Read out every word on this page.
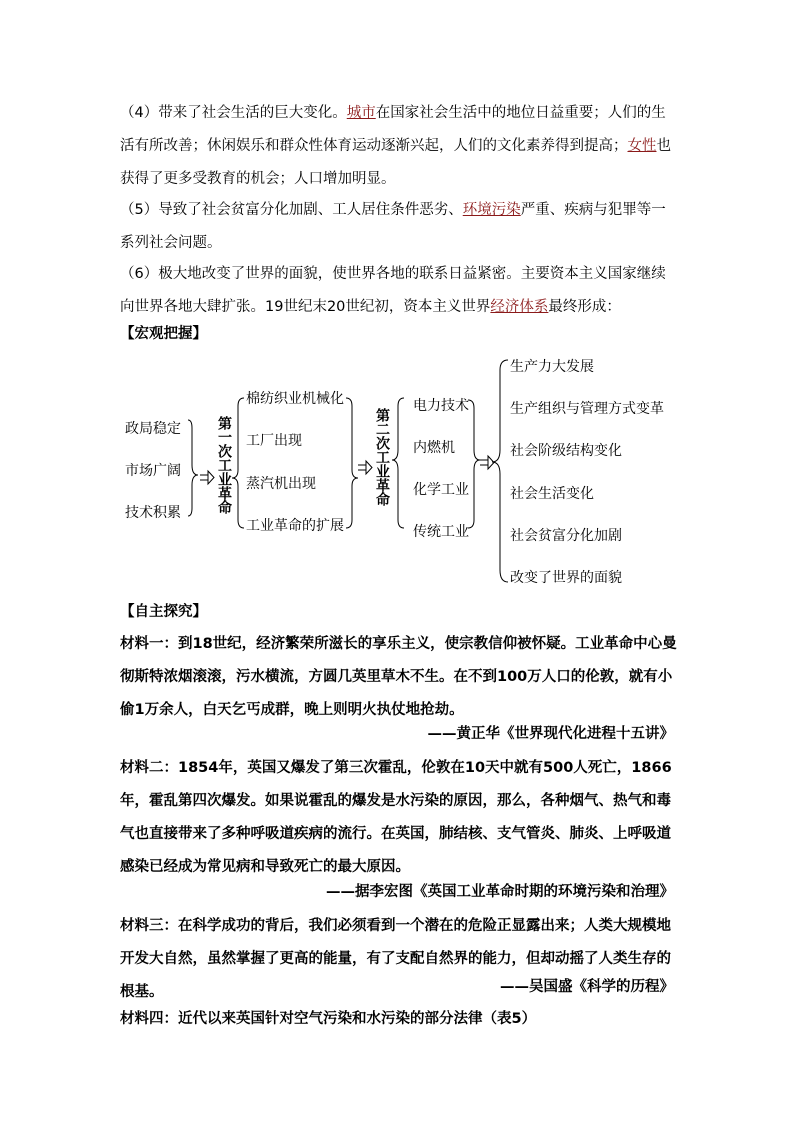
（4）带来了社会生活的巨大变化。城市在国家社会生活中的地位日益重要；人们的生活有所改善；休闲娱乐和群众性体育运动逐渐兴起，人们的文化素养得到提高；女性也获得了更多受教育的机会；人口增加明显。

（5）导致了社会贫富分化加剧、工人居住条件恶劣、环境污染严重、疾病与犯罪等一系列社会问题。

（6）极大地改变了世界的面貌，使世界各地的联系日益紧密。主要资本主义国家继续向世界各地大肆扩张。19世纪末20世纪初，资本主义世界经济体系最终形成：

【宏观把握】

政局稳定
市场广阔
技术积累	第一次工业革命
棉纺织业机械化
工厂出现
蒸汽机出现
工业革命的扩展
第二次工业革命
电力技术
内燃机
化学工业
传统工业
生产力大发展
生产组织与管理方式变革
社会阶级结构变化
社会生活变化
社会贫富分化加剧
改变了世界的面貌

【自主探究】

材料一：到18世纪，经济繁荣所滋长的享乐主义，使宗教信仰被怀疑。工业革命中心曼彻斯特浓烟滚滚，污水横流，方圆几英里草木不生。在不到100万人口的伦敦，就有小偷1万余人，白天乞丐成群，晚上则明火执仗地抢劫。

——黄正华《世界现代化进程十五讲》

材料二：1854年，英国又爆发了第三次霍乱，伦敦在10天中就有500人死亡，1866年，霍乱第四次爆发。如果说霍乱的爆发是水污染的原因，那么，各种烟气、热气和毒气也直接带来了多种呼吸道疾病的流行。在英国，肺结核、支气管炎、肺炎、上呼吸道感染已经成为常见病和导致死亡的最大原因。

——据李宏图《英国工业革命时期的环境污染和治理》

材料三：在科学成功的背后，我们必须看到一个潜在的危险正显露出来；人类大规模地开发大自然，虽然掌握了更高的能量，有了支配自然界的能力，但却动摇了人类生存的根基。	——吴国盛《科学的历程》

材料四：近代以来英国针对空气污染和水污染的部分法律（表5）
